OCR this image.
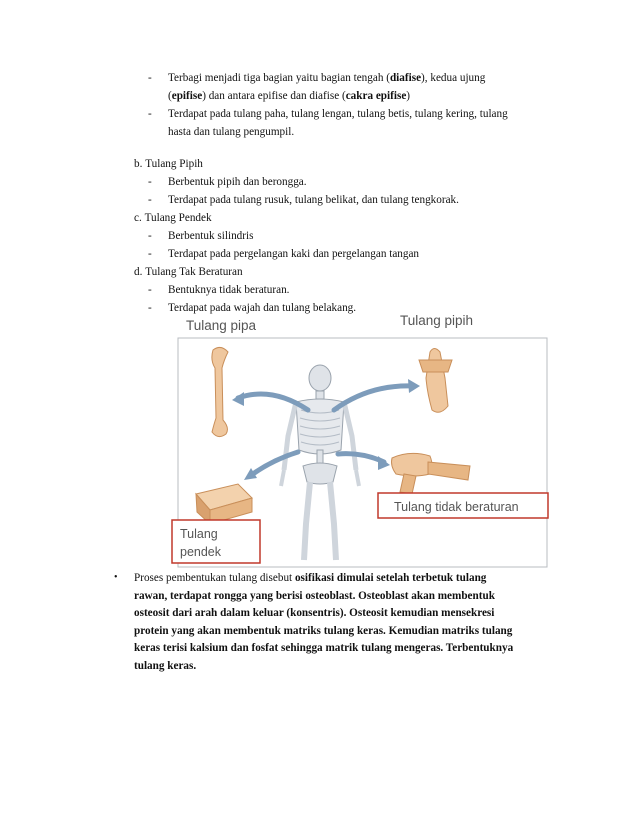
- Terbagi menjadi tiga bagian yaitu bagian tengah (diafise), kedua ujung
(epifise) dan antara epifise dan diafise (cakra epifise)
- Terdapat pada tulang paha, tulang lengan, tulang betis, tulang kering, tulang
hasta dan tulang pengumpil.
b. Tulang Pipih
- Berbentuk pipih dan berongga.
- Terdapat pada tulang rusuk, tulang belikat, dan tulang tengkorak.
c. Tulang Pendek
- Berbentuk silindris
- Terdapat pada pergelangan kaki dan pergelangan tangan
d. Tulang Tak Beraturan
- Bentuknya tidak beraturan.
- Terdapat pada wajah dan tulang belakang.
Tulang pipa	Tulang pipih
Tulang tidak beraturan
Tulang
pendek
• Proses pembentukan tulang disebut osifikasi dimulai setelah terbetuk tulang
rawan, terdapat rongga yang berisi osteoblast. Osteoblast akan membentuk
osteosit dari arah dalam keluar (konsentris). Osteosit kemudian mensekresi
protein yang akan membentuk matriks tulang keras. Kemudian matriks tulang
keras terisi kalsium dan fosfat sehingga matrik tulang mengeras. Terbentuknya
tulang keras.
